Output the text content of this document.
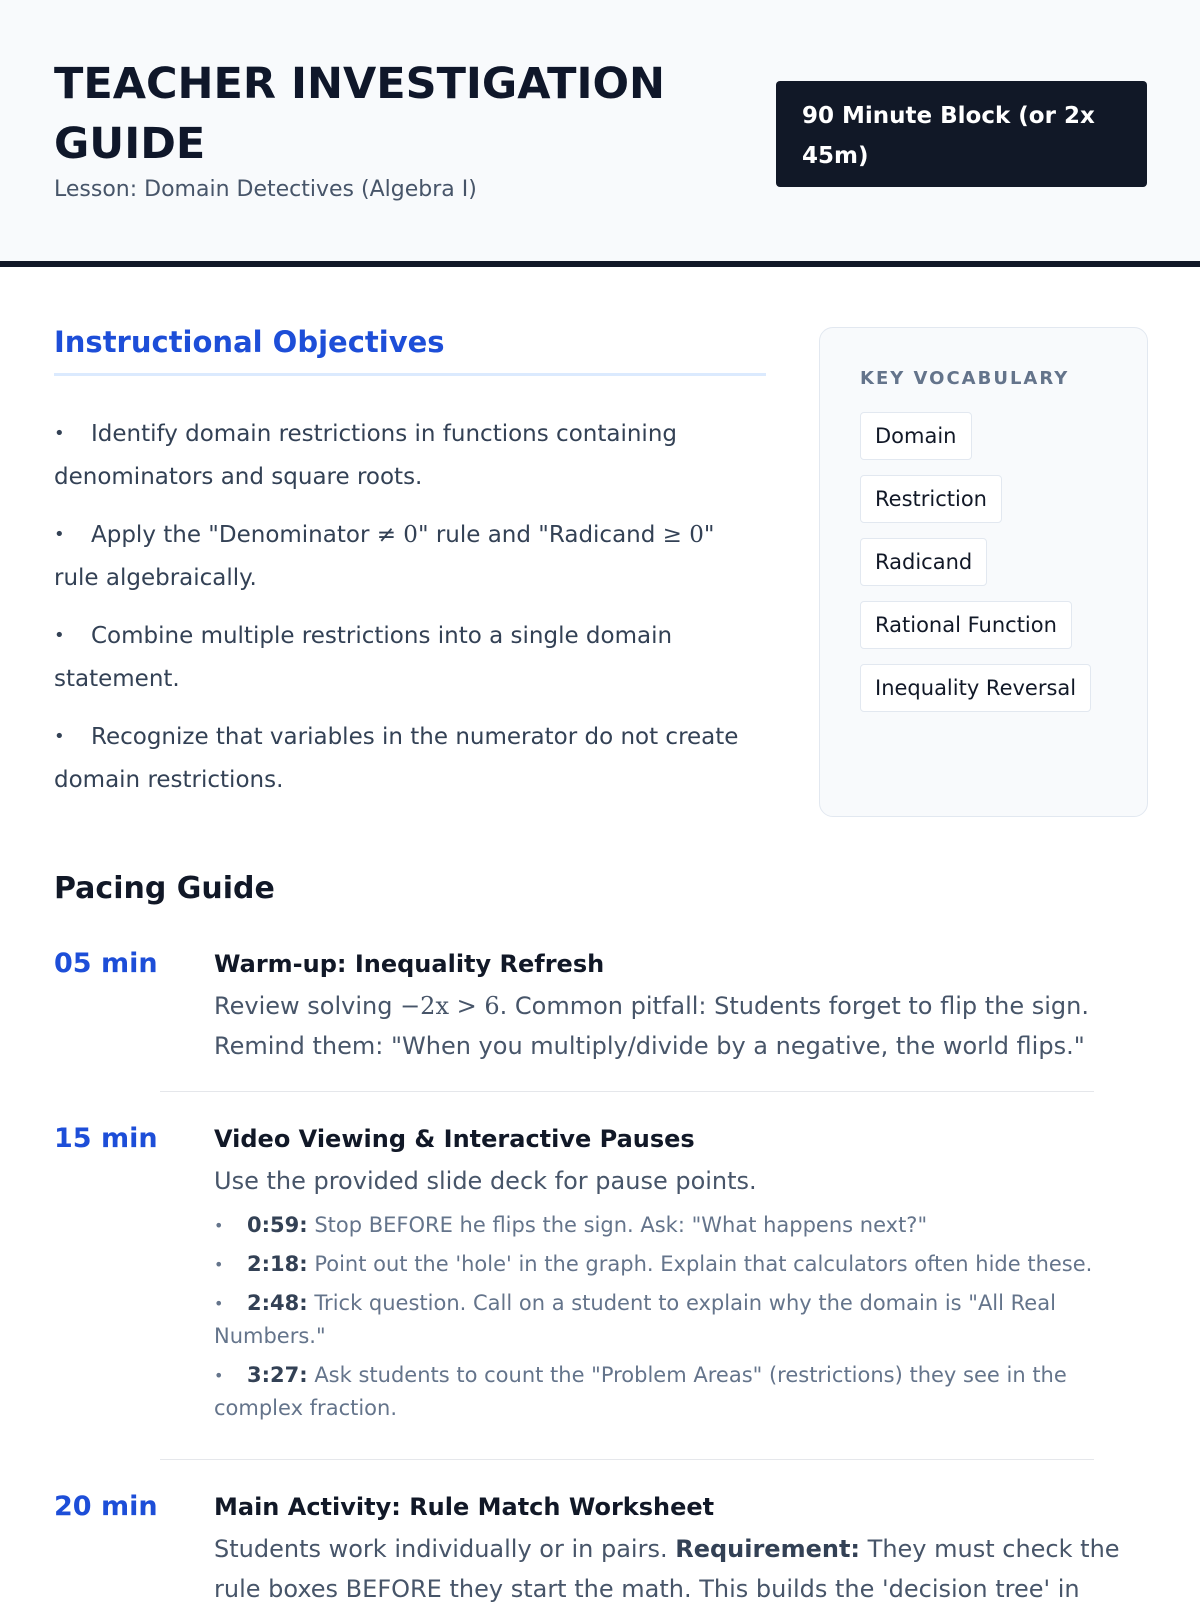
TEACHER INVESTIGATION GUIDE
Lesson: Domain Detectives (Algebra I)
90 Minute Block (or 2x 45m)
Instructional Objectives
• Identify domain restrictions in functions containing denominators and square roots.
• Apply the "Denominator ≠ 0" rule and "Radicand ≥ 0" rule algebraically.
• Combine multiple restrictions into a single domain statement.
• Recognize that variables in the numerator do not create domain restrictions.
KEY VOCABULARY
Domain
Restriction
Radicand
Rational Function
Inequality Reversal
Pacing Guide
05 min Warm-up: Inequality Refresh
Review solving −2x > 6. Common pitfall: Students forget to flip the sign. Remind them: "When you multiply/divide by a negative, the world flips."
15 min Video Viewing & Interactive Pauses
Use the provided slide deck for pause points.
• 0:59: Stop BEFORE he flips the sign. Ask: "What happens next?"
• 2:18: Point out the 'hole' in the graph. Explain that calculators often hide these.
• 2:48: Trick question. Call on a student to explain why the domain is "All Real Numbers."
• 3:27: Ask students to count the "Problem Areas" (restrictions) they see in the complex fraction.
20 min Main Activity: Rule Match Worksheet
Students work individually or in pairs. Requirement: They must check the rule boxes BEFORE they start the math. This builds the 'decision tree' in
